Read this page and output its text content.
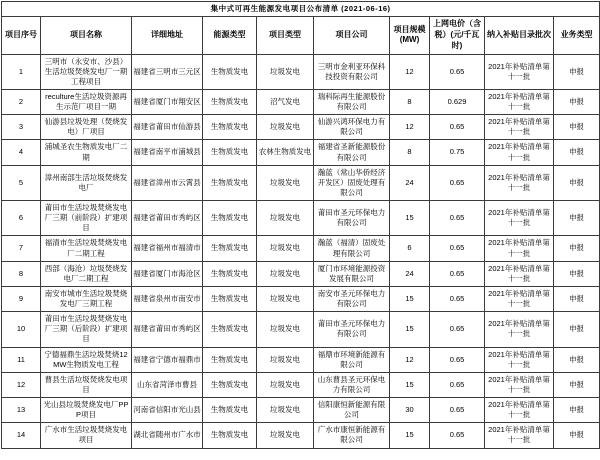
集中式可再生能源发电项目公布清单 (2021-06-16)									
项目序号	项目名称	详细地址	能源类型	项目类型	项目公司	项目规模(MW)	上网电价（含税）(元/千瓦时)	纳入补贴目录批次	业务类型
1	三明市（永安市、沙县）生活垃圾焚烧发电厂一期工程项目	福建省三明市三元区	生物质发电	垃圾发电	三明市金利亚环保科技投资有限公司	12	0.65	2021年补贴清单第十一批	申报
2	reculture生活垃圾资源再生示范厂项目一期	福建省厦门市翔安区	生物质发电	沼气发电	瑞科际再生能源股份有限公司	8	0.629	2021年补贴清单第十一批	申报
3	仙游县垃圾处理（焚烧发电）厂项目	福建省莆田市仙游县	生物质发电	垃圾发电	仙游兴鸿环保电力有限公司	12	0.65	2021年补贴清单第十一批	申报
4	浦城圣农生物质发电厂二期	福建省南平市浦城县	生物质发电	农林生物质发电	福建省圣新能源股份有限公司	8	0.75	2021年补贴清单第十一批	申报
5	漳州南部生活垃圾焚烧发电厂	福建省漳州市云霄县	生物质发电	垃圾发电	瀚蓝（常山华侨经济开发区）固废处理有限公司	24	0.65	2021年补贴清单第十一批	申报
6	莆田市生活垃圾焚烧发电厂三期（前阶段）扩建项目	福建省莆田市秀屿区	生物质发电	垃圾发电	莆田市圣元环保电力有限公司	15	0.65	2021年补贴清单第十一批	申报
7	福清市生活垃圾焚烧发电厂二期工程	福建省福州市福清市	生物质发电	垃圾发电	瀚蓝（福清）固废处理有限公司	6	0.65	2021年补贴清单第十一批	申报
8	西部（海沧）垃圾焚烧发电厂二期工程	福建省厦门市海沧区	生物质发电	垃圾发电	厦门市环境能源投资发展有限公司	24	0.65	2021年补贴清单第十一批	申报
9	南安市城市生活垃圾焚烧发电厂三期工程	福建省泉州市南安市	生物质发电	垃圾发电	南安市圣元环保电力有限公司	15	0.65	2021年补贴清单第十一批	申报
10	莆田市生活垃圾焚烧发电厂三期（后阶段）扩建项目	福建省莆田市秀屿区	生物质发电	垃圾发电	莆田市圣元环保电力有限公司	15	0.65	2021年补贴清单第十一批	申报
11	宁德福鼎生活垃圾焚烧12MW生物质发电工程	福建省宁德市福鼎市	生物质发电	垃圾发电	福鼎市环境新能源有限公司	12	0.65	2021年补贴清单第十一批	申报
12	曹县生活垃圾焚烧发电项目	山东省菏泽市曹县	生物质发电	垃圾发电	山东曹县圣元环保电力有限公司	15	0.65	2021年补贴清单第十一批	申报
13	光山县垃圾焚烧发电厂PPP项目	河南省信阳市光山县	生物质发电	垃圾发电	信阳康恒新能源有限公司	30	0.65	2021年补贴清单第十一批	申报
14	广水市生活垃圾焚烧发电项目	湖北省随州市广水市	生物质发电	垃圾发电	广水市康恒新能源有限公司	15	0.65	2021年补贴清单第十一批	申报
